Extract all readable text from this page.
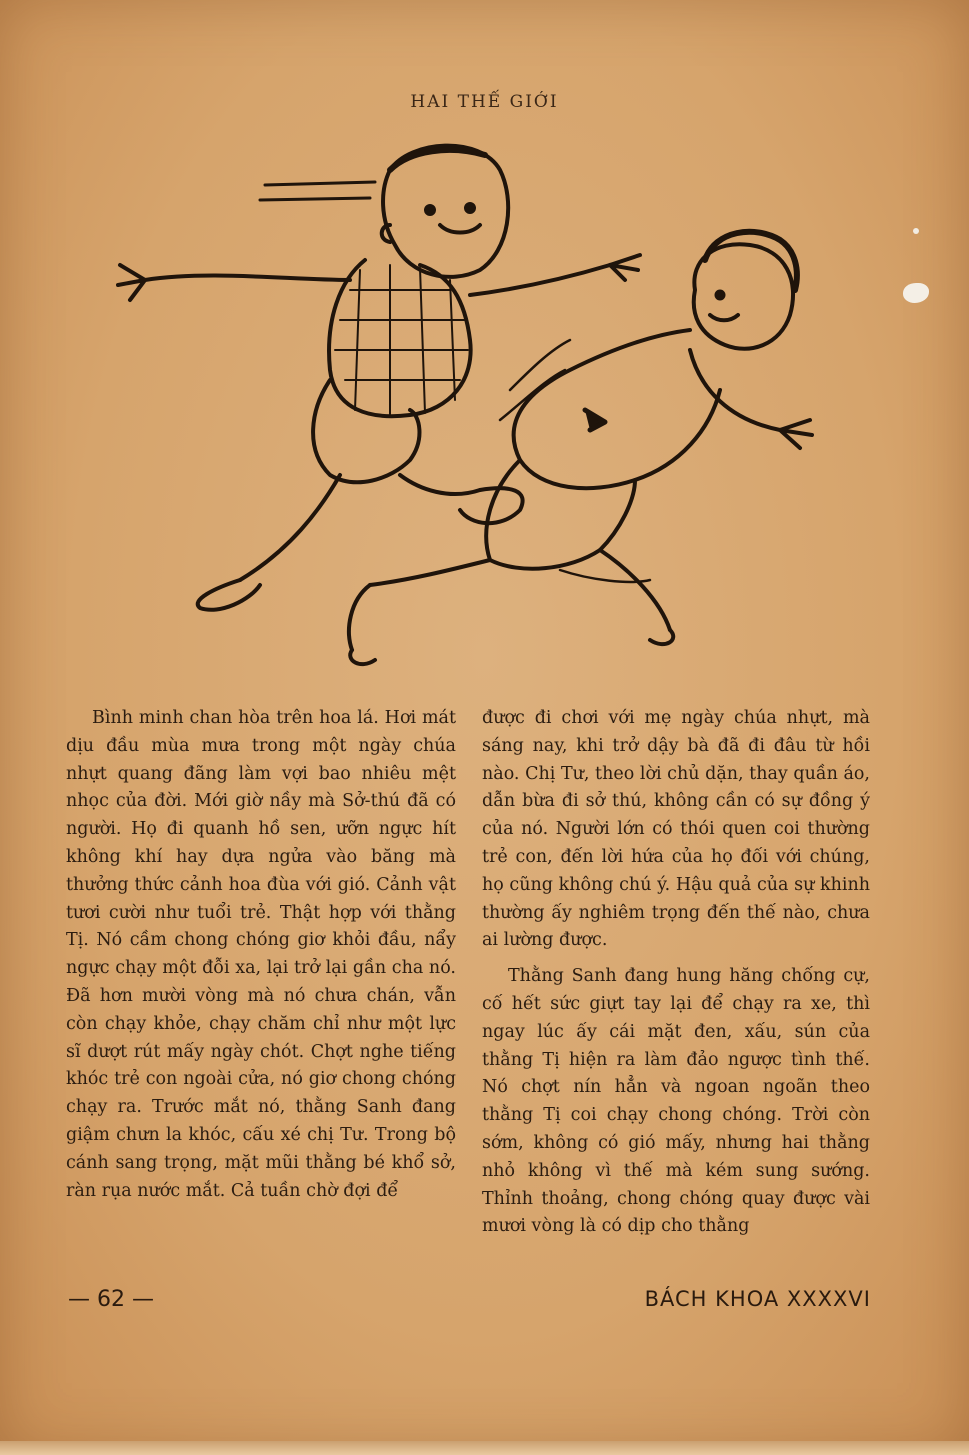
HAI THẾ GIỚI

Bình minh chan hòa trên hoa lá. Hơi mát dịu đầu mùa mưa trong một ngày chúa nhựt quang đãng làm vợi bao nhiêu mệt nhọc của đời. Mới giờ nầy mà Sở-thú đã có người. Họ đi quanh hồ sen, ưỡn ngực hít không khí hay dựa ngửa vào băng mà thưởng thức cảnh hoa đùa với gió. Cảnh vật tươi cười như tuổi trẻ. Thật hợp với thằng Tị. Nó cầm chong chóng giơ khỏi đầu, nẩy ngực chạy một đỗi xa, lại trở lại gần cha nó. Đã hơn mười vòng mà nó chưa chán, vẫn còn chạy khỏe, chạy chăm chỉ như một lực sĩ dượt rút mấy ngày chót. Chợt nghe tiếng khóc trẻ con ngoài cửa, nó giơ chong chóng chạy ra. Trước mắt nó, thằng Sanh đang giậm chưn la khóc, cấu xé chị Tư. Trong bộ cánh sang trọng, mặt mũi thằng bé khổ sở, ràn rụa nước mắt. Cả tuần chờ đợi để

được đi chơi với mẹ ngày chúa nhựt, mà sáng nay, khi trở dậy bà đã đi đâu từ hồi nào. Chị Tư, theo lời chủ dặn, thay quần áo, dẫn bừa đi sở thú, không cần có sự đồng ý của nó. Người lớn có thói quen coi thường trẻ con, đến lời hứa của họ đối với chúng, họ cũng không chú ý. Hậu quả của sự khinh thường ấy nghiêm trọng đến thế nào, chưa ai lường được.

Thằng Sanh đang hung hăng chống cự, cố hết sức giựt tay lại để chạy ra xe, thì ngay lúc ấy cái mặt đen, xấu, sún của thằng Tị hiện ra làm đảo ngược tình thế. Nó chợt nín hẳn và ngoan ngoãn theo thằng Tị coi chạy chong chóng. Trời còn sớm, không có gió mấy, nhưng hai thằng nhỏ không vì thế mà kém sung sướng. Thỉnh thoảng, chong chóng quay được vài mươi vòng là có dịp cho thằng

— 62 —	BÁCH KHOA XXXXVI
